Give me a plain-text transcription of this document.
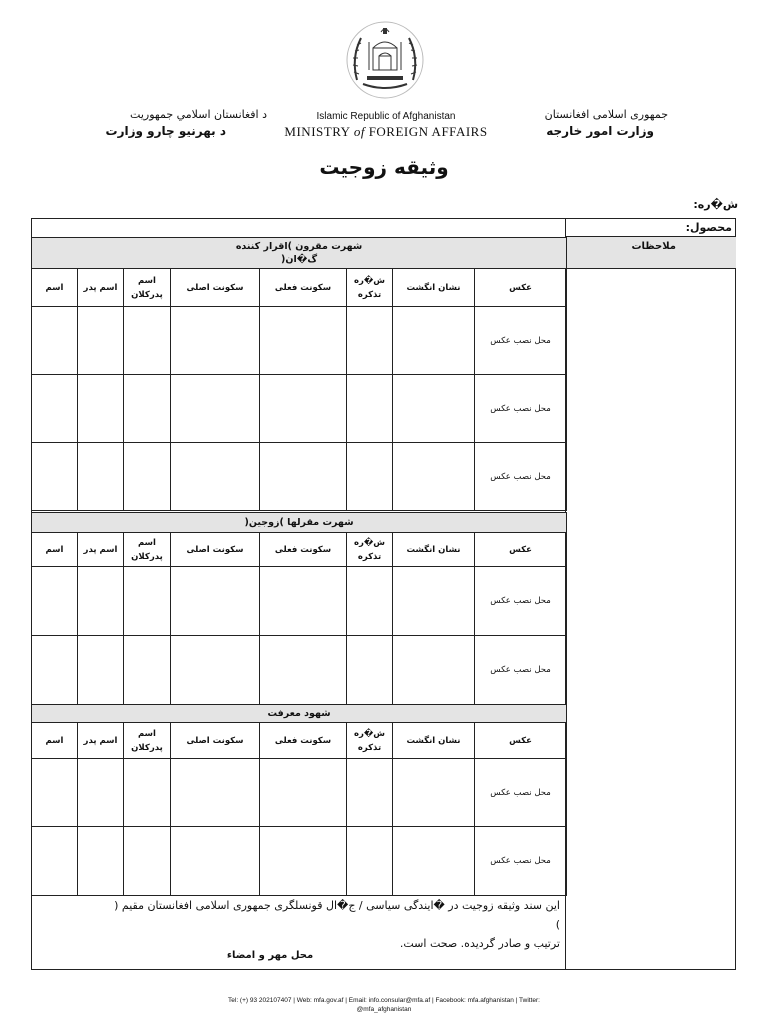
د افغانستان اسلامي جمهوریت
د بهرنیو چارو وزارت
Islamic Republic of Afghanistan
MINISTRY of FOREIGN AFFAIRS
جمهوری اسلامی افغانستان
وزارت امور خارجه
وثیقه زوجیت
ش�ره:
محصول:
ملاحظات
شهرت مقرون )اقرار کننده
گ�ان(							
اسم	اسم پدر	اسم پدرکلان	سکونت اصلی	سکونت فعلی	ش�ره تذکره	نشان انگشت	عکس
							محل نصب عکس
							محل نصب عکس
							محل نصب عکس
شهرت مقرلها )زوجین(							
اسم	اسم پدر	اسم پدرکلان	سکونت اصلی	سکونت فعلی	ش�ره تذکره	نشان انگشت	عکس
							محل نصب عکس
							محل نصب عکس
شهود معرفت							
اسم	اسم پدر	اسم پدرکلان	سکونت اصلی	سکونت فعلی	ش�ره تذکره	نشان انگشت	عکس
							محل نصب عکس
							محل نصب عکس
این سند وثیقه زوجیت در �ایندگی سیاسی / ج�ال قونسلگری جمهوری اسلامی افغانستان مقیم (
)
ترتیب و صادر گردیده. صحت است.
محل مهر و امضاء
Tel: (+) 93 202107407 | Web: mfa.gov.af | Email: info.consular@mfa.af | Facebook: mfa.afghanistan | Twitter:
@mfa_afghanistan
